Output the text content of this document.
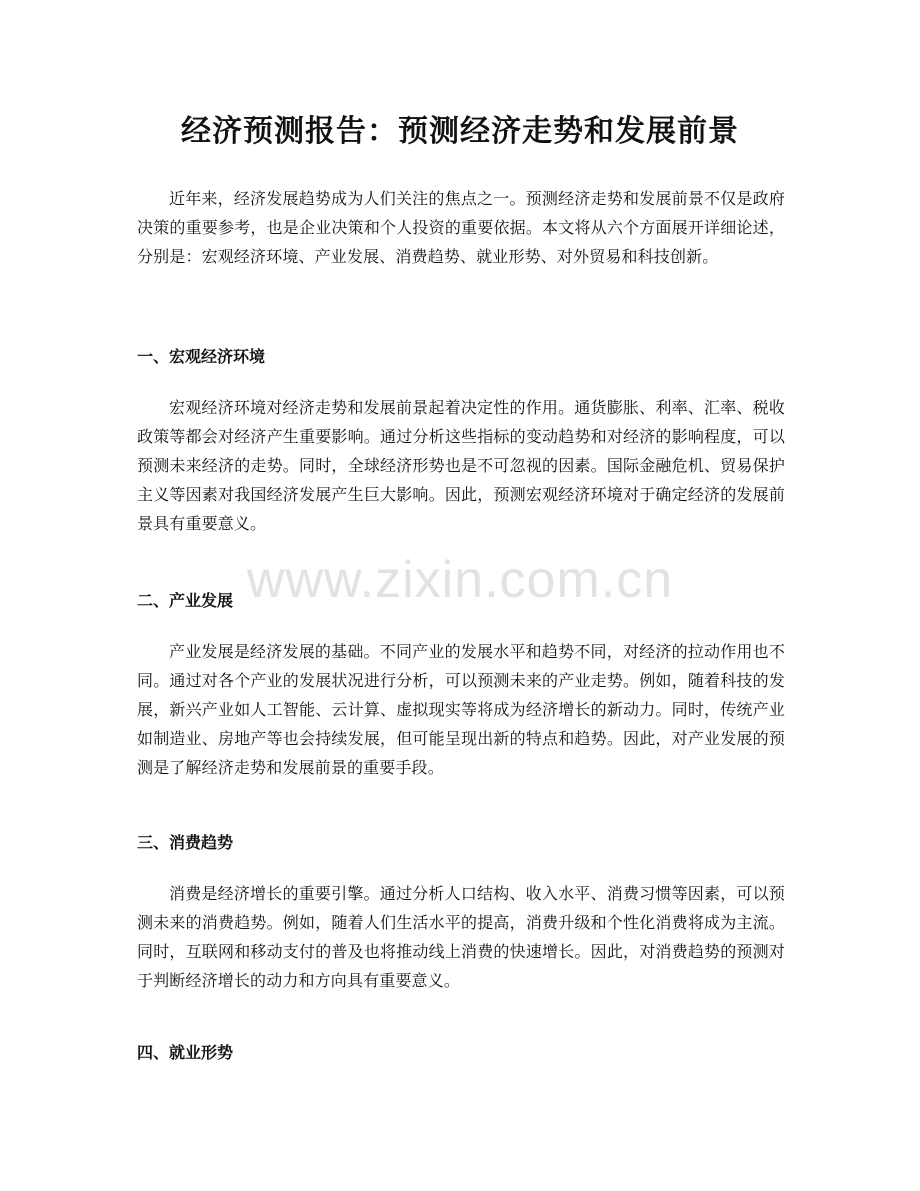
经济预测报告：预测经济走势和发展前景

近年来，经济发展趋势成为人们关注的焦点之一。预测经济走势和发展前景不仅是政府决策的重要参考，也是企业决策和个人投资的重要依据。本文将从六个方面展开详细论述，分别是：宏观经济环境、产业发展、消费趋势、就业形势、对外贸易和科技创新。

一、宏观经济环境

宏观经济环境对经济走势和发展前景起着决定性的作用。通货膨胀、利率、汇率、税收政策等都会对经济产生重要影响。通过分析这些指标的变动趋势和对经济的影响程度，可以预测未来经济的走势。同时，全球经济形势也是不可忽视的因素。国际金融危机、贸易保护主义等因素对我国经济发展产生巨大影响。因此，预测宏观经济环境对于确定经济的发展前景具有重要意义。

二、产业发展

产业发展是经济发展的基础。不同产业的发展水平和趋势不同，对经济的拉动作用也不同。通过对各个产业的发展状况进行分析，可以预测未来的产业走势。例如，随着科技的发展，新兴产业如人工智能、云计算、虚拟现实等将成为经济增长的新动力。同时，传统产业如制造业、房地产等也会持续发展，但可能呈现出新的特点和趋势。因此，对产业发展的预测是了解经济走势和发展前景的重要手段。

三、消费趋势

消费是经济增长的重要引擎。通过分析人口结构、收入水平、消费习惯等因素，可以预测未来的消费趋势。例如，随着人们生活水平的提高，消费升级和个性化消费将成为主流。同时，互联网和移动支付的普及也将推动线上消费的快速增长。因此，对消费趋势的预测对于判断经济增长的动力和方向具有重要意义。

四、就业形势
www.zixin.com.cn
